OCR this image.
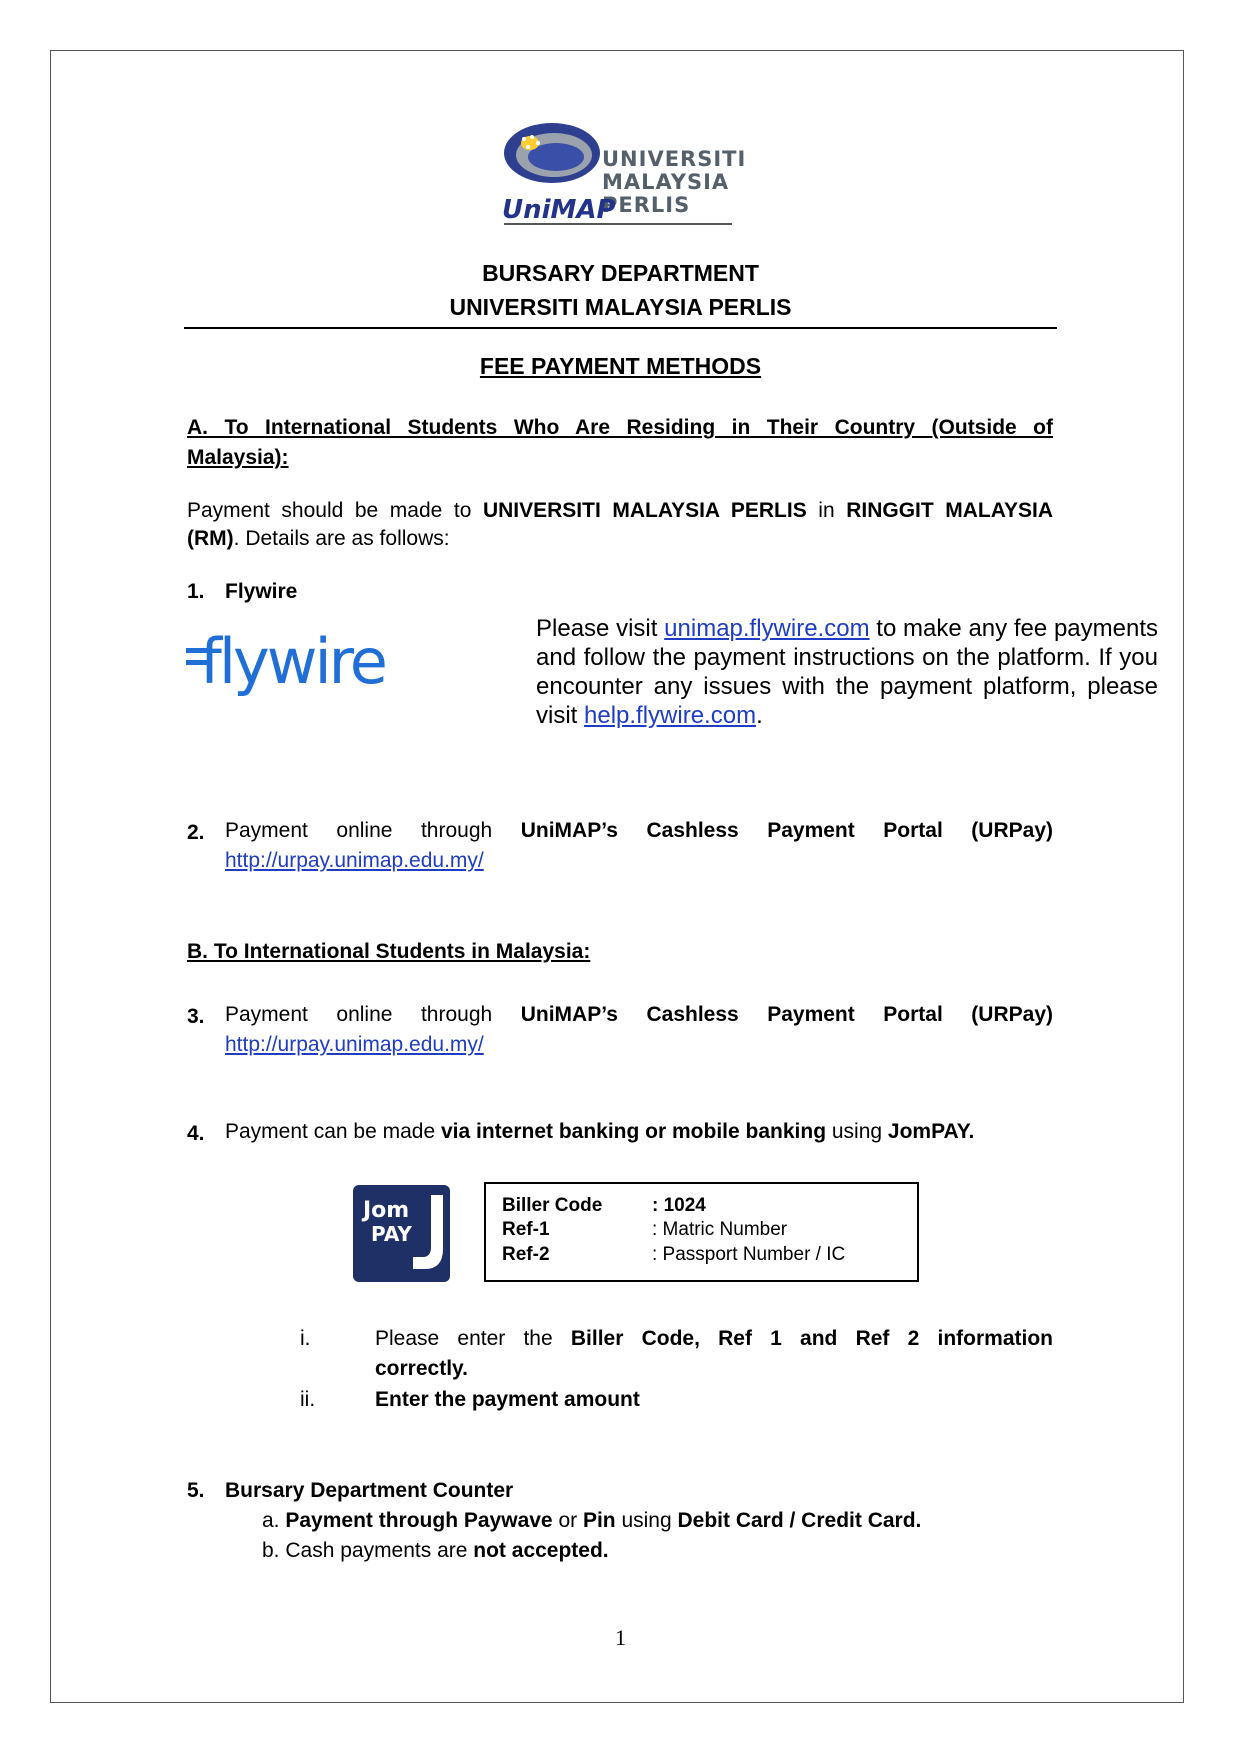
UNIVERSITI
MALAYSIA
PERLIS
UniMAP
BURSARY DEPARTMENT
UNIVERSITI MALAYSIA PERLIS
FEE PAYMENT METHODS
A. To International Students Who Are Residing in Their Country (Outside of
Malaysia):
Payment should be made to UNIVERSITI MALAYSIA PERLIS in RINGGIT MALAYSIA (RM). Details are as follows:
1. Flywire
flywire	Please visit unimap.flywire.com to make any fee payments and follow the payment instructions on the platform. If you encounter any issues with the payment platform, please visit help.flywire.com.
2. Payment online through UniMAP’s Cashless Payment Portal (URPay)
http://urpay.unimap.edu.my/
B. To International Students in Malaysia:
3. Payment online through UniMAP’s Cashless Payment Portal (URPay)
http://urpay.unimap.edu.my/
4. Payment can be made via internet banking or mobile banking using JomPAY.
Jom
PAY
Biller Code	: 1024
Ref-1	: Matric Number
Ref-2	: Passport Number / IC
i.	Please enter the Biller Code, Ref 1 and Ref 2 information
correctly.
ii.	Enter the payment amount
5. Bursary Department Counter
a. Payment through Paywave or Pin using Debit Card / Credit Card.
b. Cash payments are not accepted.
1
